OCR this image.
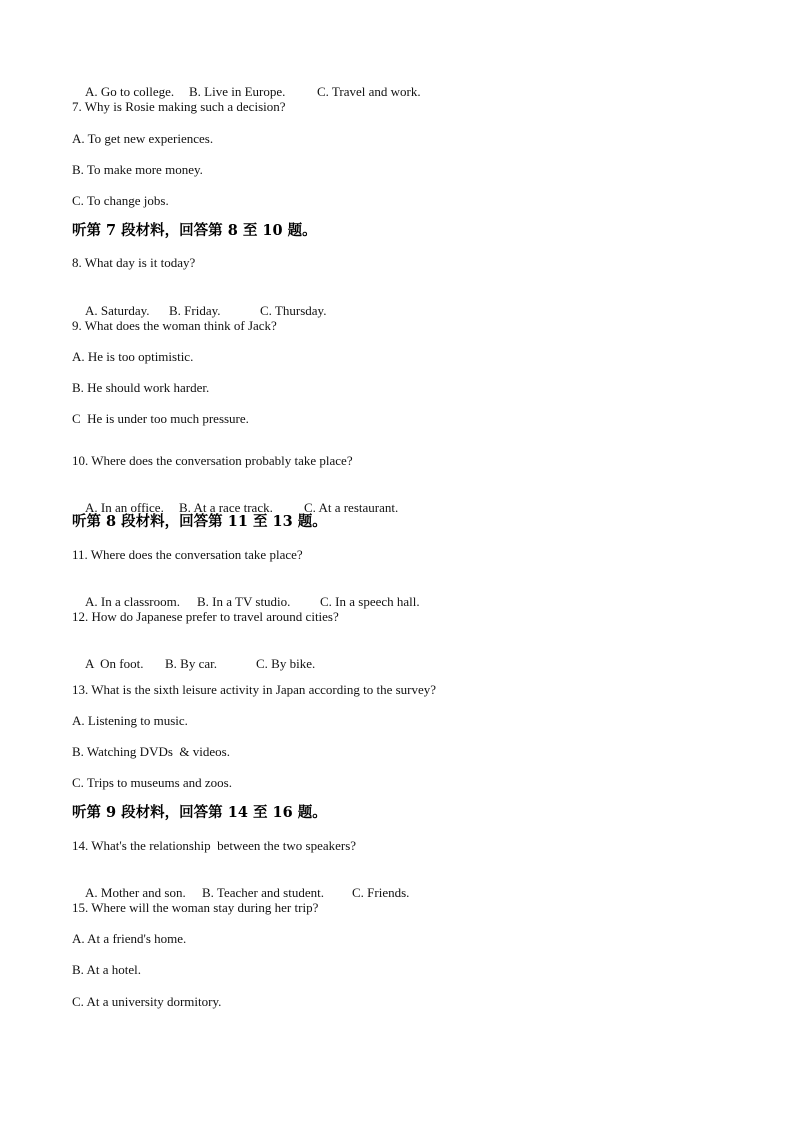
A. Go to college. B. Live in Europe. C. Travel and work.

7. Why is Rosie making such a decision?
A. To get new experiences.
B. To make more money.
C. To change jobs.
听第 7 段材料，回答第 8 至 10 题。
8. What day is it today?

A. Saturday. B. Friday.	C. Thursday.

9. What does the woman think of Jack?
A. He is too optimistic.
B. He should work harder.
C  He is under too much pressure.
10. Where does the conversation probably take place?

A. In an office. B. At a race track. C. At a restaurant.

听第 8 段材料，回答第 11 至 13 题。
11. Where does the conversation take place?

A. In a classroom. B. In a TV studio. C. In a speech hall.

12. How do Japanese prefer to travel around cities?

A  On foot. B. By car.	C. By bike.

13. What is the sixth leisure activity in Japan according to the survey?
A. Listening to music.
B. Watching DVDs  & videos.
C. Trips to museums and zoos.
听第 9 段材料，回答第 14 至 16 题。
14. What's the relationship  between the two speakers?

A. Mother and son. B. Teacher and student. C. Friends.

15. Where will the woman stay during her trip?
A. At a friend's home.
B. At a hotel.
C. At a university dormitory.
